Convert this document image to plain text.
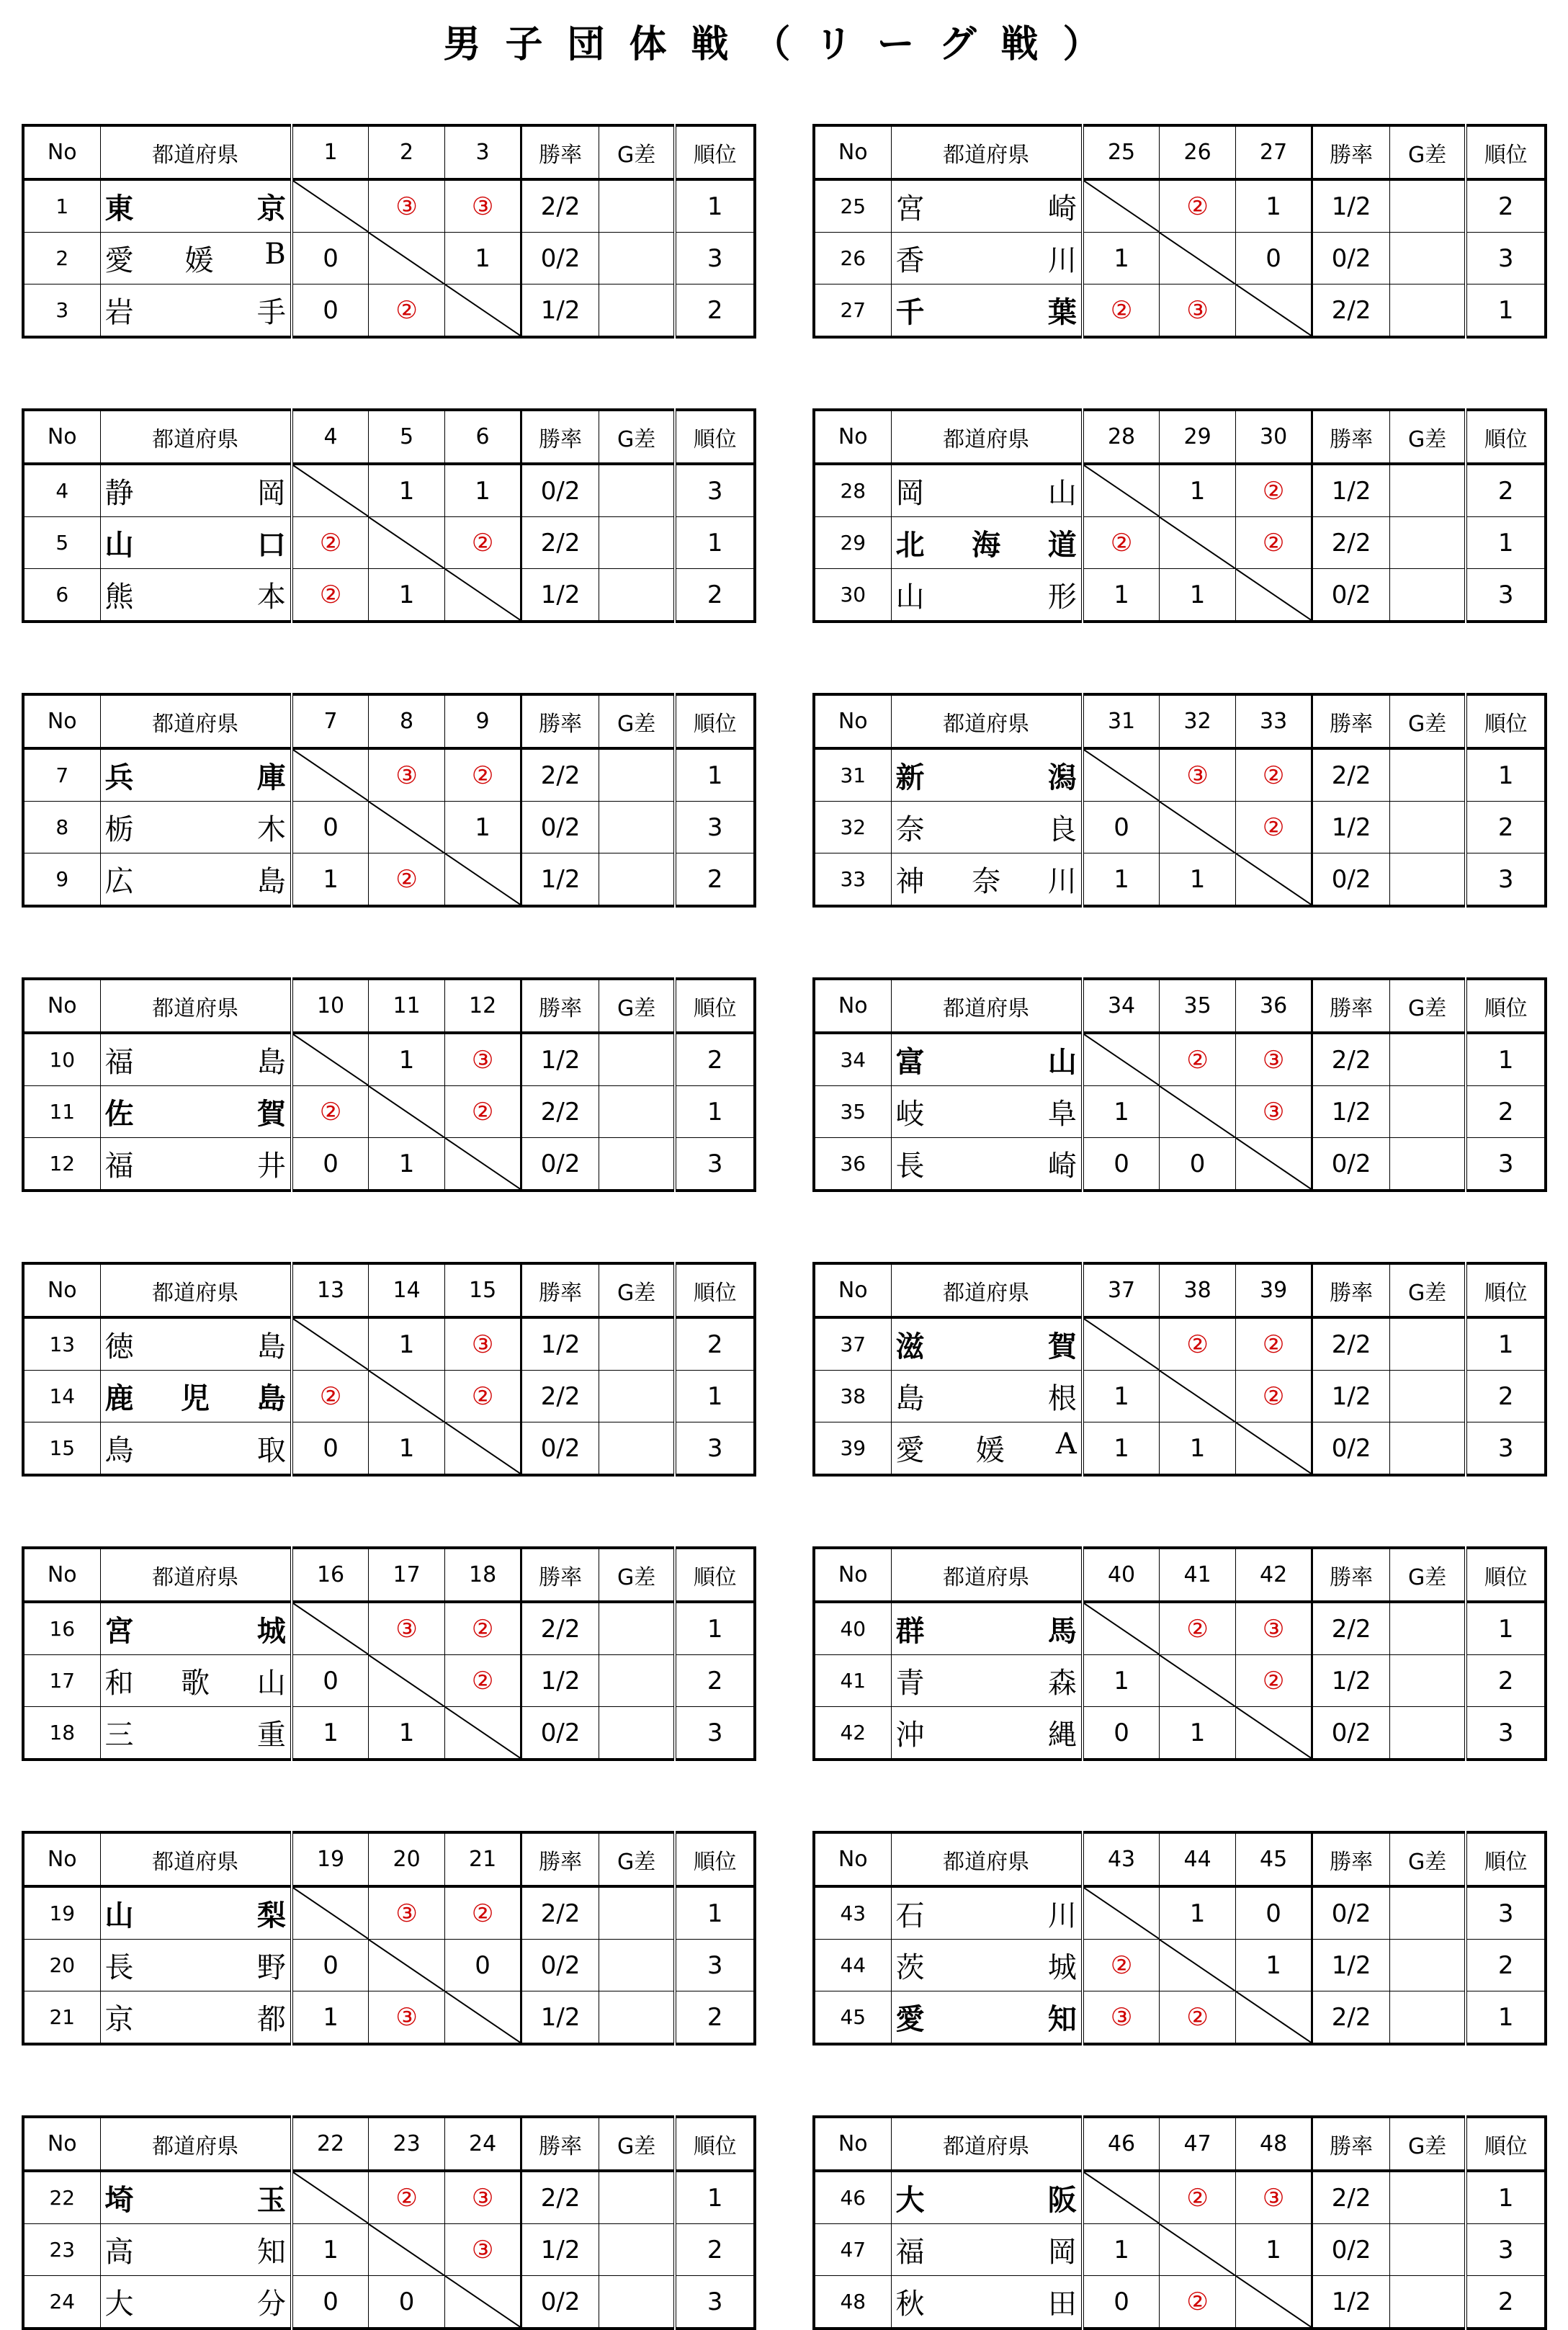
男子団体戦（リーグ戦）
No	都道府県	1	2	3	勝率	G差	順位
1	東 京		③	③	2/2		1
2	愛 媛 B	0		1	0/2		3
3	岩 手	0	②		1/2		2
No	都道府県	25	26	27	勝率	G差	順位
25	宮 崎		②	1	1/2		2
26	香 川	1		0	0/2		3
27	千 葉	②	③		2/2		1
No	都道府県	4	5	6	勝率	G差	順位
4	静 岡		1	1	0/2		3
5	山 口	②		②	2/2		1
6	熊 本	②	1		1/2		2
No	都道府県	28	29	30	勝率	G差	順位
28	岡 山		1	②	1/2		2
29	北 海 道	②		②	2/2		1
30	山 形	1	1		0/2		3
No	都道府県	7	8	9	勝率	G差	順位
7	兵 庫		③	②	2/2		1
8	栃 木	0		1	0/2		3
9	広 島	1	②		1/2		2
No	都道府県	31	32	33	勝率	G差	順位
31	新 潟		③	②	2/2		1
32	奈 良	0		②	1/2		2
33	神 奈 川	1	1		0/2		3
No	都道府県	10	11	12	勝率	G差	順位
10	福 島		1	③	1/2		2
11	佐 賀	②		②	2/2		1
12	福 井	0	1		0/2		3
No	都道府県	34	35	36	勝率	G差	順位
34	富 山		②	③	2/2		1
35	岐 阜	1		③	1/2		2
36	長 崎	0	0		0/2		3
No	都道府県	13	14	15	勝率	G差	順位
13	徳 島		1	③	1/2		2
14	鹿 児 島	②		②	2/2		1
15	鳥 取	0	1		0/2		3
No	都道府県	37	38	39	勝率	G差	順位
37	滋 賀		②	②	2/2		1
38	島 根	1		②	1/2		2
39	愛 媛 A	1	1		0/2		3
No	都道府県	16	17	18	勝率	G差	順位
16	宮 城		③	②	2/2		1
17	和 歌 山	0		②	1/2		2
18	三 重	1	1		0/2		3
No	都道府県	40	41	42	勝率	G差	順位
40	群 馬		②	③	2/2		1
41	青 森	1		②	1/2		2
42	沖 縄	0	1		0/2		3
No	都道府県	19	20	21	勝率	G差	順位
19	山 梨		③	②	2/2		1
20	長 野	0		0	0/2		3
21	京 都	1	③		1/2		2
No	都道府県	43	44	45	勝率	G差	順位
43	石 川		1	0	0/2		3
44	茨 城	②		1	1/2		2
45	愛 知	③	②		2/2		1
No	都道府県	22	23	24	勝率	G差	順位
22	埼 玉		②	③	2/2		1
23	高 知	1		③	1/2		2
24	大 分	0	0		0/2		3
No	都道府県	46	47	48	勝率	G差	順位
46	大 阪		②	③	2/2		1
47	福 岡	1		1	0/2		3
48	秋 田	0	②		1/2		2
